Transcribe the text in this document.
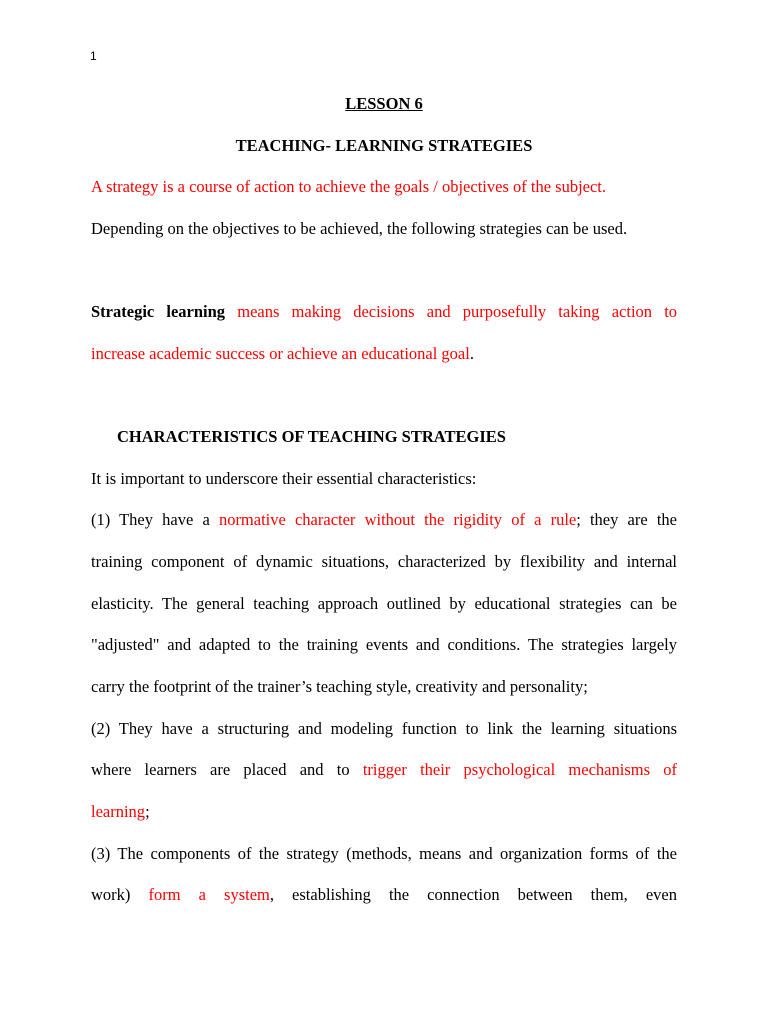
1
LESSON 6
TEACHING- LEARNING STRATEGIES
A strategy is a course of action to achieve the goals / objectives of the subject.
Depending on the objectives to be achieved, the following strategies can be used.
Strategic learning means making decisions and purposefully taking action to
increase academic success or achieve an educational goal.
CHARACTERISTICS OF TEACHING STRATEGIES
It is important to underscore their essential characteristics:
(1) They have a normative character without the rigidity of a rule; they are the
training component of dynamic situations, characterized by flexibility and internal
elasticity. The general teaching approach outlined by educational strategies can be
"adjusted" and adapted to the training events and conditions. The strategies largely
carry the footprint of the trainer’s teaching style, creativity and personality;
(2) They have a structuring and modeling function to link the learning situations
where learners are placed and to trigger their psychological mechanisms of
learning;
(3) The components of the strategy (methods, means and organization forms of the
work) form a system, establishing the connection between them, even
